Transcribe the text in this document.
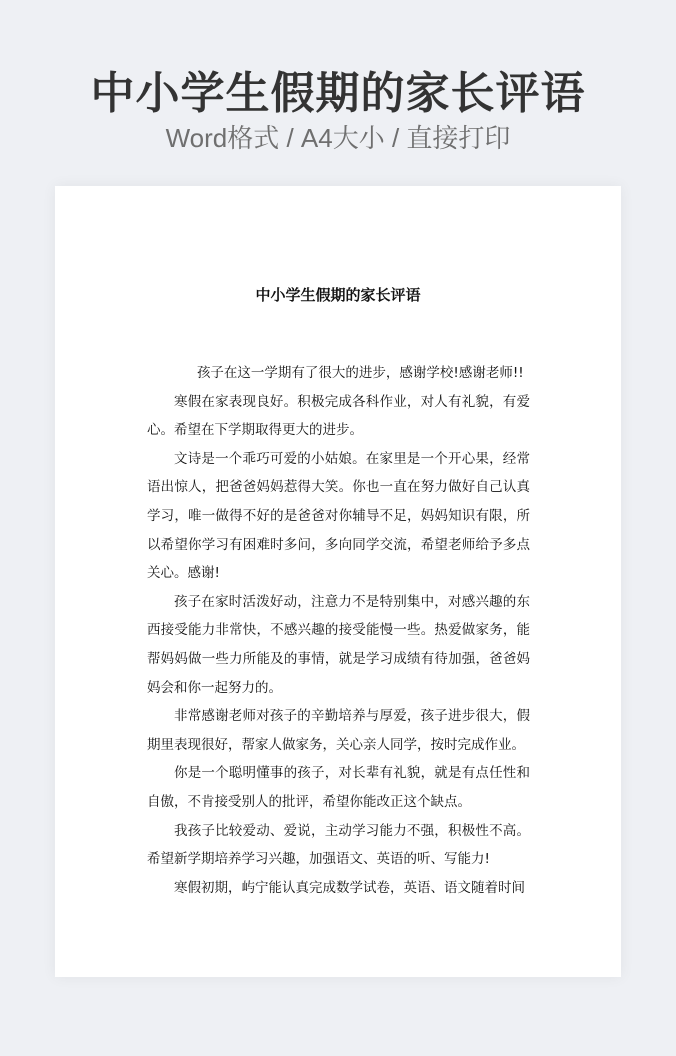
中小学生假期的家长评语
Word格式 / A4大小 / 直接打印
中小学生假期的家长评语

孩子在这一学期有了很大的进步，感谢学校!感谢老师!!

寒假在家表现良好。积极完成各科作业，对人有礼貌，有爱心。希望在下学期取得更大的进步。

文诗是一个乖巧可爱的小姑娘。在家里是一个开心果，经常语出惊人，把爸爸妈妈惹得大笑。你也一直在努力做好自己认真学习，唯一做得不好的是爸爸对你辅导不足，妈妈知识有限，所以希望你学习有困难时多问，多向同学交流，希望老师给予多点关心。感谢!

孩子在家时活泼好动，注意力不是特别集中，对感兴趣的东西接受能力非常快，不感兴趣的接受能慢一些。热爱做家务，能帮妈妈做一些力所能及的事情，就是学习成绩有待加强，爸爸妈妈会和你一起努力的。

非常感谢老师对孩子的辛勤培养与厚爱，孩子进步很大，假期里表现很好，帮家人做家务，关心亲人同学，按时完成作业。

你是一个聪明懂事的孩子，对长辈有礼貌，就是有点任性和自傲，不肯接受别人的批评，希望你能改正这个缺点。

我孩子比较爱动、爱说，主动学习能力不强，积极性不高。希望新学期培养学习兴趣，加强语文、英语的听、写能力!

寒假初期，屿宁能认真完成数学试卷，英语、语文随着时间
